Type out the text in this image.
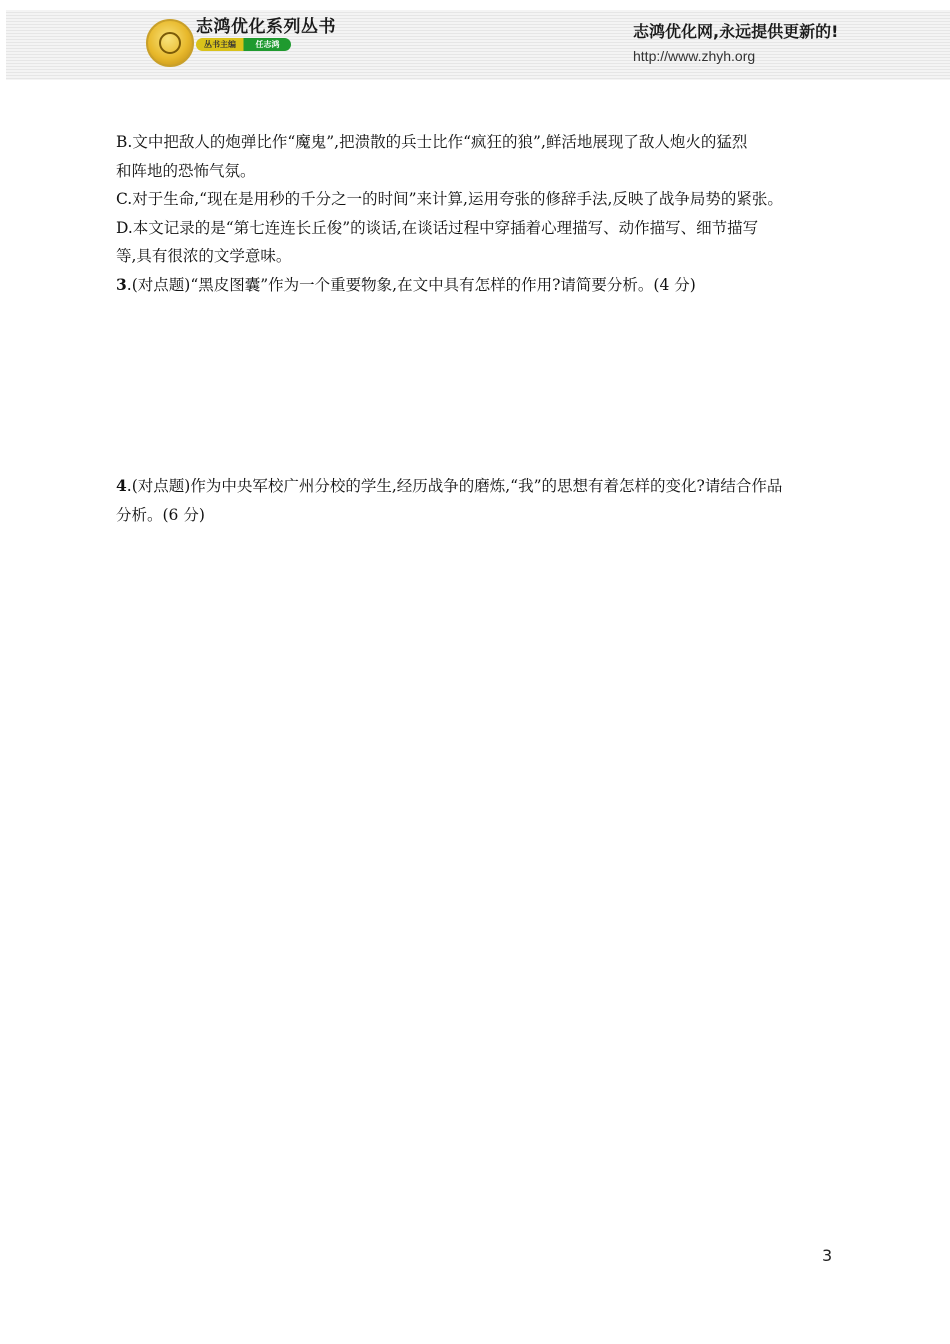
志鸿优化系列丛书
丛书主编	任志鸿
志鸿优化网,永远提供更新的!
http://www.zhyh.org
B.文中把敌人的炮弹比作“魔鬼”,把溃散的兵士比作“疯狂的狼”,鲜活地展现了敌人炮火的猛烈
和阵地的恐怖气氛。
C.对于生命,“现在是用秒的千分之一的时间”来计算,运用夸张的修辞手法,反映了战争局势的紧张。
D.本文记录的是“第七连连长丘俊”的谈话,在谈话过程中穿插着心理描写、动作描写、细节描写
等,具有很浓的文学意味。
3.(对点题)“黑皮图囊”作为一个重要物象,在文中具有怎样的作用?请简要分析。(4 分)
4.(对点题)作为中央军校广州分校的学生,经历战争的磨炼,“我”的思想有着怎样的变化?请结合作品
分析。(6 分)
3
